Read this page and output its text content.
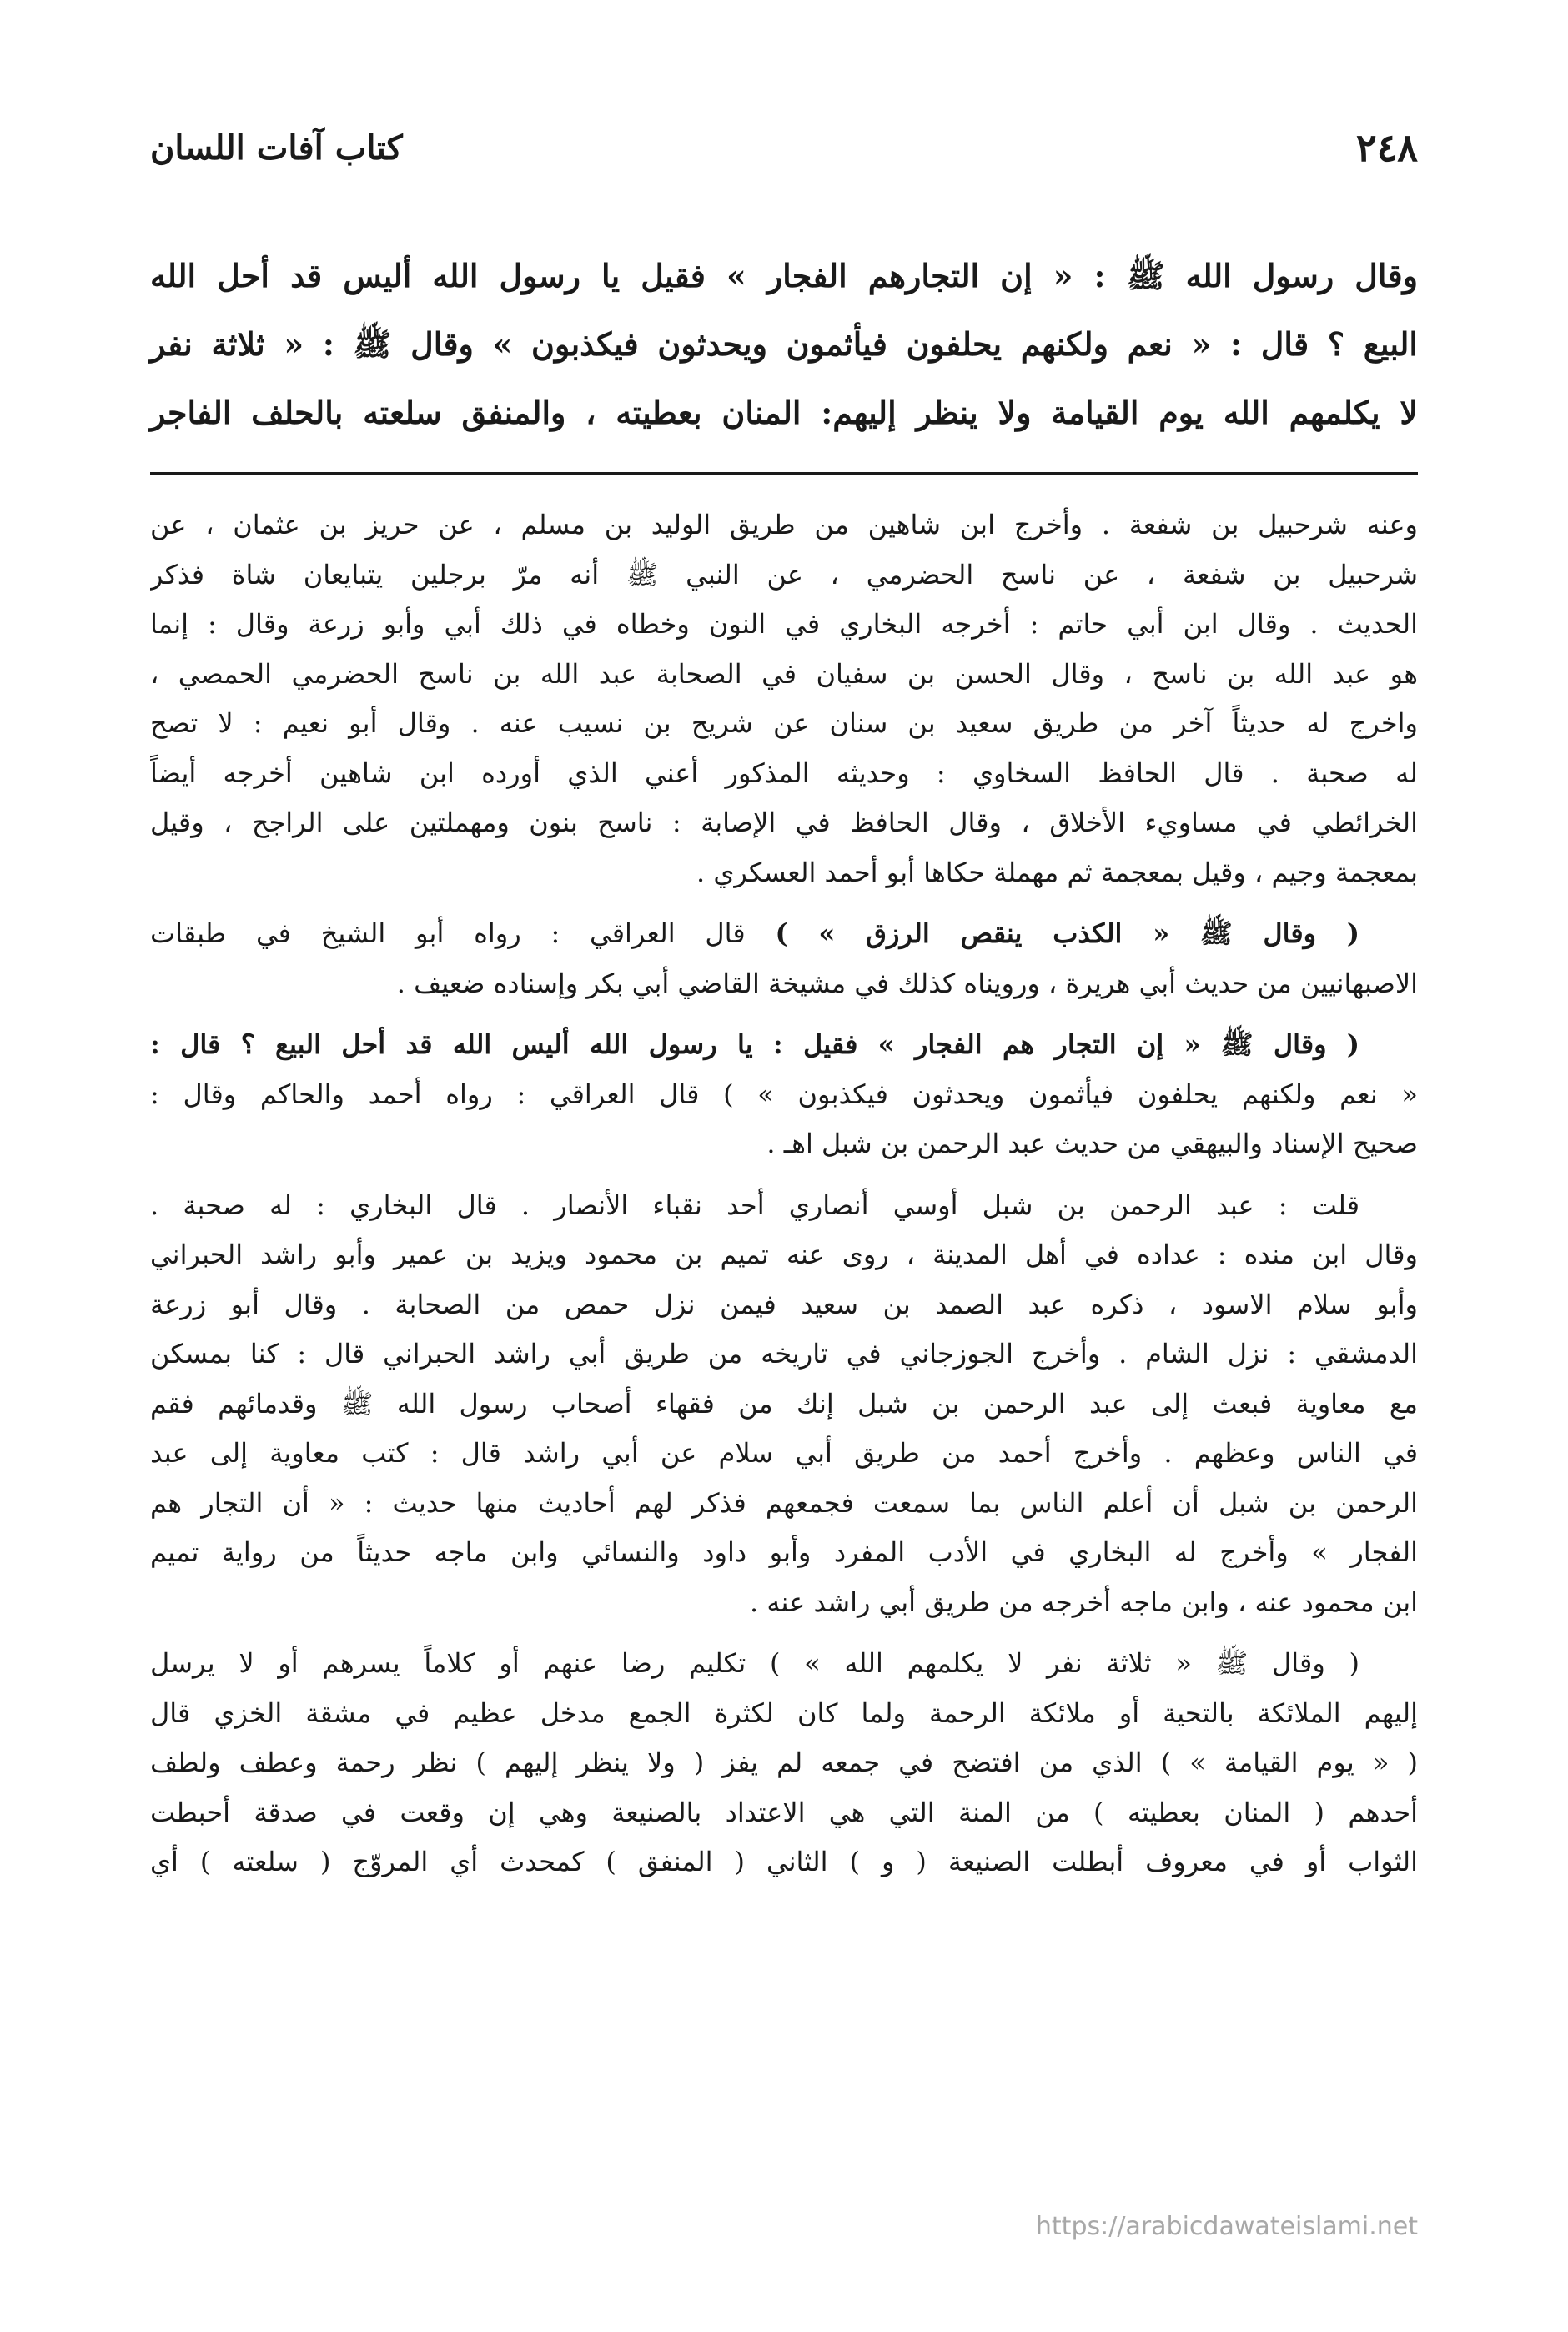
٢٤٨
كتاب آفات اللسان

وقال رسول الله ﷺ : « إن التجارهم الفجار » فقيل يا رسول الله أليس قد أحل الله

البيع ؟ قال : « نعم ولكنهم يحلفون فيأثمون ويحدثون فيكذبون » وقال ﷺ : « ثلاثة نفر

لا يكلمهم الله يوم القيامة ولا ينظر إليهم: المنان بعطيته ، والمنفق سلعته بالحلف الفاجر

وعنه شرحبيل بن شفعة . وأخرج ابن شاهين من طريق الوليد بن مسلم ، عن حريز بن عثمان ، عن
شرحبيل بن شفعة ، عن ناسح الحضرمي ، عن النبي ﷺ أنه مرّ برجلين يتبايعان شاة فذكر
الحديث . وقال ابن أبي حاتم : أخرجه البخاري في النون وخطاه في ذلك أبي وأبو زرعة وقال : إنما
هو عبد الله بن ناسح ، وقال الحسن بن سفيان في الصحابة عبد الله بن ناسح الحضرمي الحمصي ،
واخرج له حديثاً آخر من طريق سعيد بن سنان عن شريح بن نسيب عنه . وقال أبو نعيم : لا تصح
له صحبة . قال الحافظ السخاوي : وحديثه المذكور أعني الذي أورده ابن شاهين أخرجه أيضاً
الخرائطي في مساويء الأخلاق ، وقال الحافظ في الإصابة : ناسح بنون ومهملتين على الراجح ، وقيل
بمعجمة وجيم ، وقيل بمعجمة ثم مهملة حكاها أبو أحمد العسكري .
( وقال ﷺ « الكذب ينقص الرزق » ) قال العراقي : رواه أبو الشيخ في طبقات
الاصبهانيين من حديث أبي هريرة ، ورويناه كذلك في مشيخة القاضي أبي بكر وإسناده ضعيف .
( وقال ﷺ « إن التجار هم الفجار » فقيل : يا رسول الله أليس الله قد أحل البيع ؟ قال :
« نعم ولكنهم يحلفون فيأثمون ويحدثون فيكذبون » ) قال العراقي : رواه أحمد والحاكم وقال :
صحيح الإسناد والبيهقي من حديث عبد الرحمن بن شبل اهـ .
قلت : عبد الرحمن بن شبل أوسي أنصاري أحد نقباء الأنصار . قال البخاري : له صحبة .
وقال ابن منده : عداده في أهل المدينة ، روى عنه تميم بن محمود ويزيد بن عمير وأبو راشد الحبراني
وأبو سلام الاسود ، ذكره عبد الصمد بن سعيد فيمن نزل حمص من الصحابة . وقال أبو زرعة
الدمشقي : نزل الشام . وأخرج الجوزجاني في تاريخه من طريق أبي راشد الحبراني قال : كنا بمسكن
مع معاوية فبعث إلى عبد الرحمن بن شبل إنك من فقهاء أصحاب رسول الله ﷺ وقدمائهم فقم
في الناس وعظهم . وأخرج أحمد من طريق أبي سلام عن أبي راشد قال : كتب معاوية إلى عبد
الرحمن بن شبل أن أعلم الناس بما سمعت فجمعهم فذكر لهم أحاديث منها حديث : « أن التجار هم
الفجار » وأخرج له البخاري في الأدب المفرد وأبو داود والنسائي وابن ماجه حديثاً من رواية تميم
ابن محمود عنه ، وابن ماجه أخرجه من طريق أبي راشد عنه .
( وقال ﷺ « ثلاثة نفر لا يكلمهم الله » ) تكليم رضا عنهم أو كلاماً يسرهم أو لا يرسل
إليهم الملائكة بالتحية أو ملائكة الرحمة ولما كان لكثرة الجمع مدخل عظيم في مشقة الخزي قال
( « يوم القيامة » ) الذي من افتضح في جمعه لم يفز ( ولا ينظر إليهم ) نظر رحمة وعطف ولطف
أحدهم ( المنان بعطيته ) من المنة التي هي الاعتداد بالصنيعة وهي إن وقعت في صدقة أحبطت
الثواب أو في معروف أبطلت الصنيعة ( و ) الثاني ( المنفق ) كمحدث أي المروّج ( سلعته ) أي
https://arabicdawateislami.net
